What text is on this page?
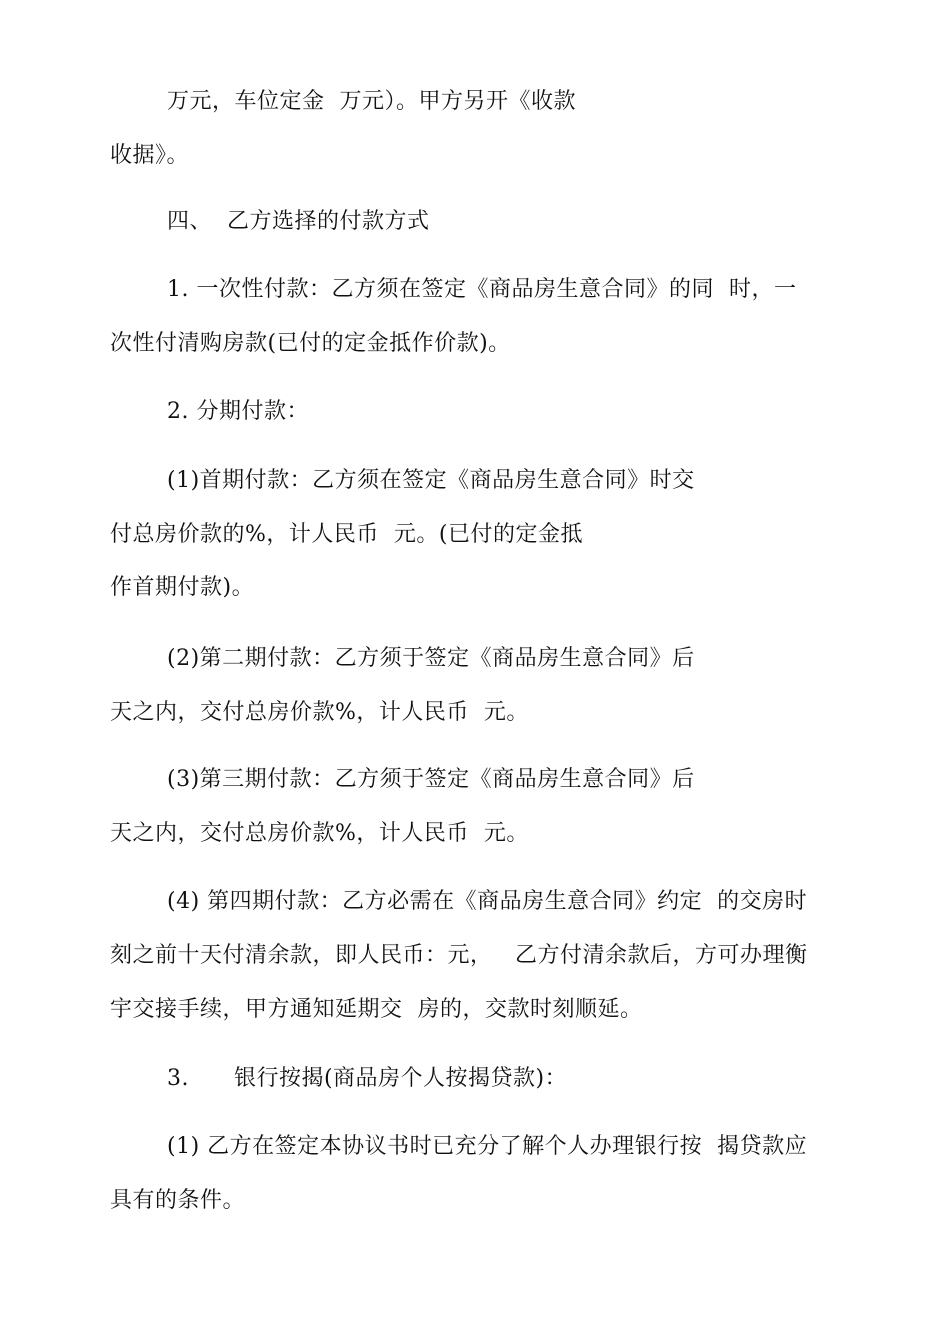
万元，车位定金  万元）。甲方另开《收款
收据》。
四、  乙方选择的付款方式
1. 一次性付款：乙方须在签定《商品房生意合同》的同  时，一
次性付清购房款(已付的定金抵作价款)。
2. 分期付款：
(1)首期付款：乙方须在签定《商品房生意合同》时交
付总房价款的%，计人民币  元。(已付的定金抵
作首期付款)。
(2)第二期付款：乙方须于签定《商品房生意合同》后
天之内，交付总房价款%，计人民币  元。
(3)第三期付款：乙方须于签定《商品房生意合同》后
天之内，交付总房价款%，计人民币  元。
(4) 第四期付款：乙方必需在《商品房生意合同》约定  的交房时
刻之前十天付清余款，即人民币：元，   乙方付清余款后，方可办理衡
宇交接手续，甲方通知延期交  房的，交款时刻顺延。
3.      银行按揭(商品房个人按揭贷款)：
(1) 乙方在签定本协议书时已充分了解个人办理银行按  揭贷款应
具有的条件。
